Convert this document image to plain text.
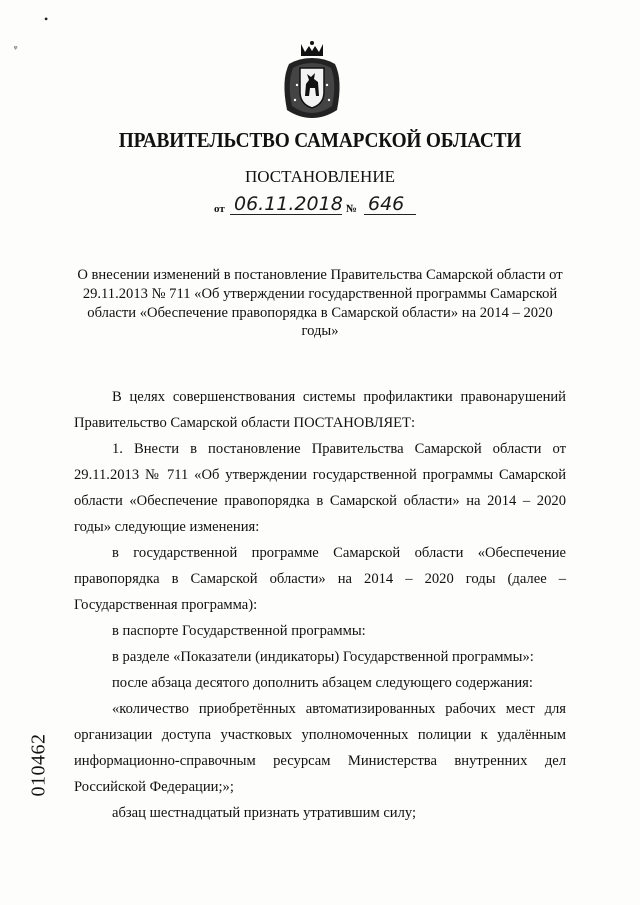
•
ᵩ
ПРАВИТЕЛЬСТВО САМАРСКОЙ ОБЛАСТИ
ПОСТАНОВЛЕНИЕ
от 06.11.2018 № 646
О внесении изменений в постановление Правительства Самарской области от 29.11.2013 № 711 «Об утверждении государственной программы Самарской области «Обеспечение правопорядка в Самарской области» на 2014 – 2020 годы»

В целях совершенствования системы профилактики правонарушений Правительство Самарской области ПОСТАНОВЛЯЕТ:

1. Внести в постановление Правительства Самарской области от 29.11.2013 № 711 «Об утверждении государственной программы Самарской области «Обеспечение правопорядка в Самарской области» на 2014 – 2020 годы» следующие изменения:

в государственной программе Самарской области «Обеспечение правопорядка в Самарской области» на 2014 – 2020 годы (далее – Государственная программа):

в паспорте Государственной программы:

в разделе «Показатели (индикаторы) Государственной программы»:

после абзаца десятого дополнить абзацем следующего содержания:

«количество приобретённых автоматизированных рабочих мест для организации доступа участковых уполномоченных полиции к удалённым информационно-справочным ресурсам Министерства внутренних дел Российской Федерации;»;

абзац шестнадцатый признать утратившим силу;

010462
